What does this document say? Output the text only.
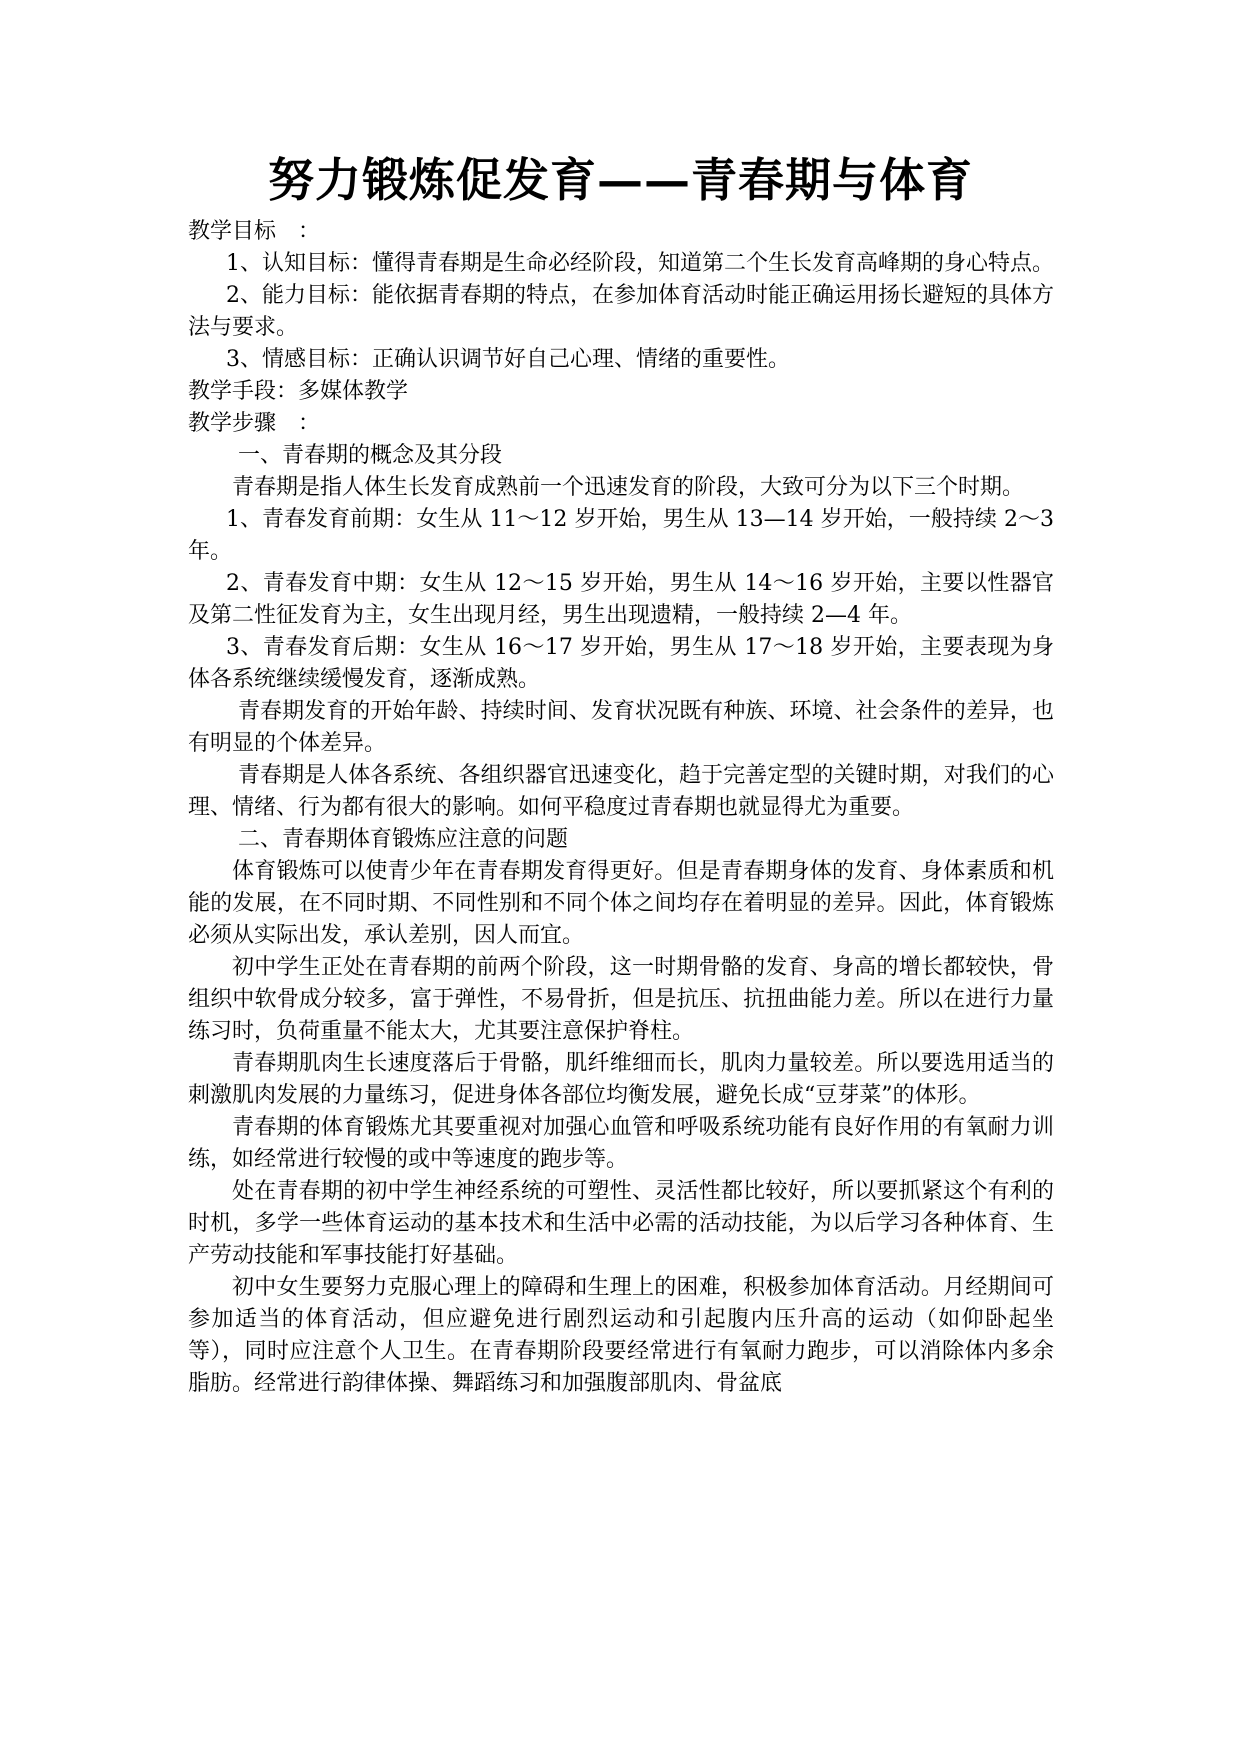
努力锻炼促发育——青春期与体育

教学目标　：

1、认知目标：懂得青春期是生命必经阶段，知道第二个生长发育高峰期的身心特点。

2、能力目标：能依据青春期的特点，在参加体育活动时能正确运用扬长避短的具体方法与要求。

3、情感目标：正确认识调节好自己心理、情绪的重要性。

教学手段：多媒体教学

教学步骤　：

一、青春期的概念及其分段

青春期是指人体生长发育成熟前一个迅速发育的阶段，大致可分为以下三个时期。

1、青春发育前期：女生从 11～12 岁开始，男生从 13—14 岁开始，一般持续 2～3 年。

2、青春发育中期：女生从 12～15 岁开始，男生从 14～16 岁开始，主要以性器官及第二性征发育为主，女生出现月经，男生出现遗精，一般持续 2—4 年。

3、青春发育后期：女生从 16～17 岁开始，男生从 17～18 岁开始，主要表现为身体各系统继续缓慢发育，逐渐成熟。

青春期发育的开始年龄、持续时间、发育状况既有种族、环境、社会条件的差异，也有明显的个体差异。

青春期是人体各系统、各组织器官迅速变化，趋于完善定型的关键时期，对我们的心理、情绪、行为都有很大的影响。如何平稳度过青春期也就显得尤为重要。

二、青春期体育锻炼应注意的问题

体育锻炼可以使青少年在青春期发育得更好。但是青春期身体的发育、身体素质和机能的发展，在不同时期、不同性别和不同个体之间均存在着明显的差异。因此，体育锻炼必须从实际出发，承认差别，因人而宜。

初中学生正处在青春期的前两个阶段，这一时期骨骼的发育、身高的增长都较快，骨组织中软骨成分较多，富于弹性，不易骨折，但是抗压、抗扭曲能力差。所以在进行力量练习时，负荷重量不能太大，尤其要注意保护脊柱。

青春期肌肉生长速度落后于骨骼，肌纤维细而长，肌肉力量较差。所以要选用适当的刺激肌肉发展的力量练习，促进身体各部位均衡发展，避免长成“豆芽菜”的体形。

青春期的体育锻炼尤其要重视对加强心血管和呼吸系统功能有良好作用的有氧耐力训练，如经常进行较慢的或中等速度的跑步等。

处在青春期的初中学生神经系统的可塑性、灵活性都比较好，所以要抓紧这个有利的时机，多学一些体育运动的基本技术和生活中必需的活动技能，为以后学习各种体育、生产劳动技能和军事技能打好基础。

初中女生要努力克服心理上的障碍和生理上的困难，积极参加体育活动。月经期间可参加适当的体育活动，但应避免进行剧烈运动和引起腹内压升高的运动（如仰卧起坐等），同时应注意个人卫生。在青春期阶段要经常进行有氧耐力跑步，可以消除体内多余脂肪。经常进行韵律体操、舞蹈练习和加强腹部肌肉、骨盆底
